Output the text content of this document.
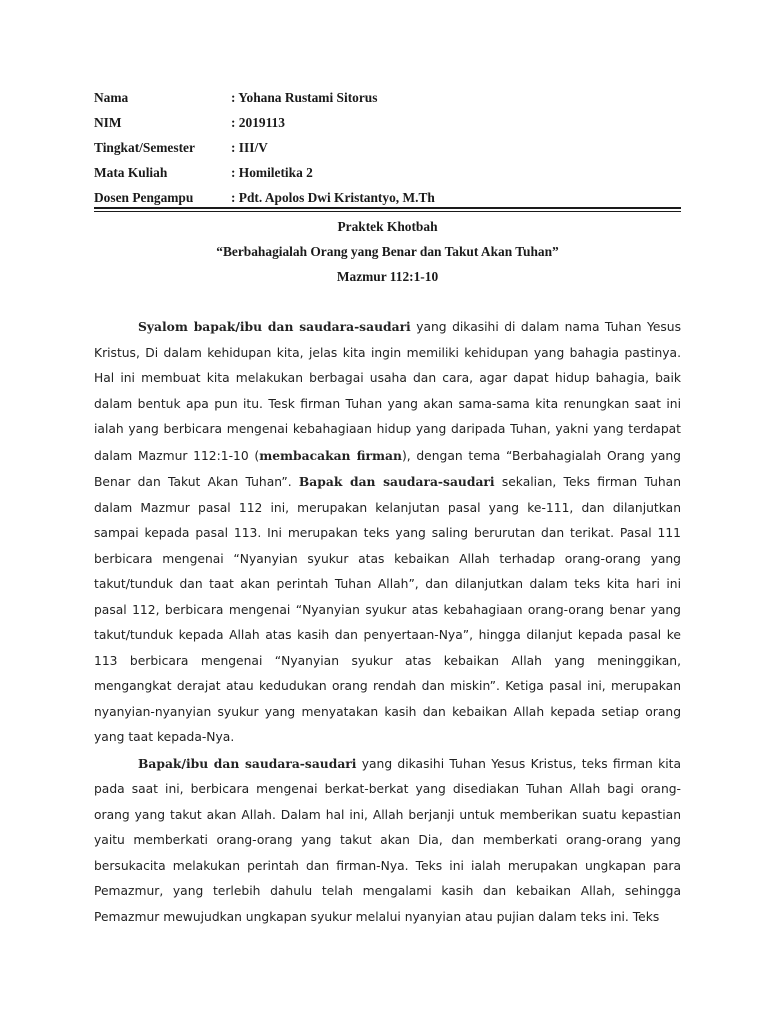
Nama	: Yohana Rustami Sitorus
NIM	: 2019113
Tingkat/Semester	: III/V
Mata Kuliah	: Homiletika 2
Dosen Pengampu	: Pdt. Apolos Dwi Kristantyo, M.Th
Praktek Khotbah
“Berbahagialah Orang yang Benar dan Takut Akan Tuhan”
Mazmur 112:1-10

Syalom bapak/ibu dan saudara-saudari yang dikasihi di dalam nama Tuhan Yesus Kristus, Di dalam kehidupan kita, jelas kita ingin memiliki kehidupan yang bahagia pastinya. Hal ini membuat kita melakukan berbagai usaha dan cara, agar dapat hidup bahagia, baik dalam bentuk apa pun itu. Tesk firman Tuhan yang akan sama-sama kita renungkan saat ini ialah yang berbicara mengenai kebahagiaan hidup yang daripada Tuhan, yakni yang terdapat dalam Mazmur 112:1-10 (membacakan firman), dengan tema “Berbahagialah Orang yang Benar dan Takut Akan Tuhan”. Bapak dan saudara-saudari sekalian, Teks firman Tuhan dalam Mazmur pasal 112 ini, merupakan kelanjutan pasal yang ke-111, dan dilanjutkan sampai kepada pasal 113. Ini merupakan teks yang saling berurutan dan terikat. Pasal 111 berbicara mengenai “Nyanyian syukur atas kebaikan Allah terhadap orang-orang yang takut/tunduk dan taat akan perintah Tuhan Allah”, dan dilanjutkan dalam teks kita hari ini pasal 112, berbicara mengenai “Nyanyian syukur atas kebahagiaan orang-orang benar yang takut/tunduk kepada Allah atas kasih dan penyertaan-Nya”, hingga dilanjut kepada pasal ke 113 berbicara mengenai “Nyanyian syukur atas kebaikan Allah yang meninggikan, mengangkat derajat atau kedudukan orang rendah dan miskin”. Ketiga pasal ini, merupakan nyanyian-nyanyian syukur yang menyatakan kasih dan kebaikan Allah kepada setiap orang yang taat kepada-Nya.

Bapak/ibu dan saudara-saudari yang dikasihi Tuhan Yesus Kristus, teks firman kita pada saat ini, berbicara mengenai berkat-berkat yang disediakan Tuhan Allah bagi orang-orang yang takut akan Allah. Dalam hal ini, Allah berjanji untuk memberikan suatu kepastian yaitu memberkati orang-orang yang takut akan Dia, dan memberkati orang-orang yang bersukacita melakukan perintah dan firman-Nya. Teks ini ialah merupakan ungkapan para Pemazmur, yang terlebih dahulu telah mengalami kasih dan kebaikan Allah, sehingga Pemazmur mewujudkan ungkapan syukur melalui nyanyian atau pujian dalam teks ini. Teks
